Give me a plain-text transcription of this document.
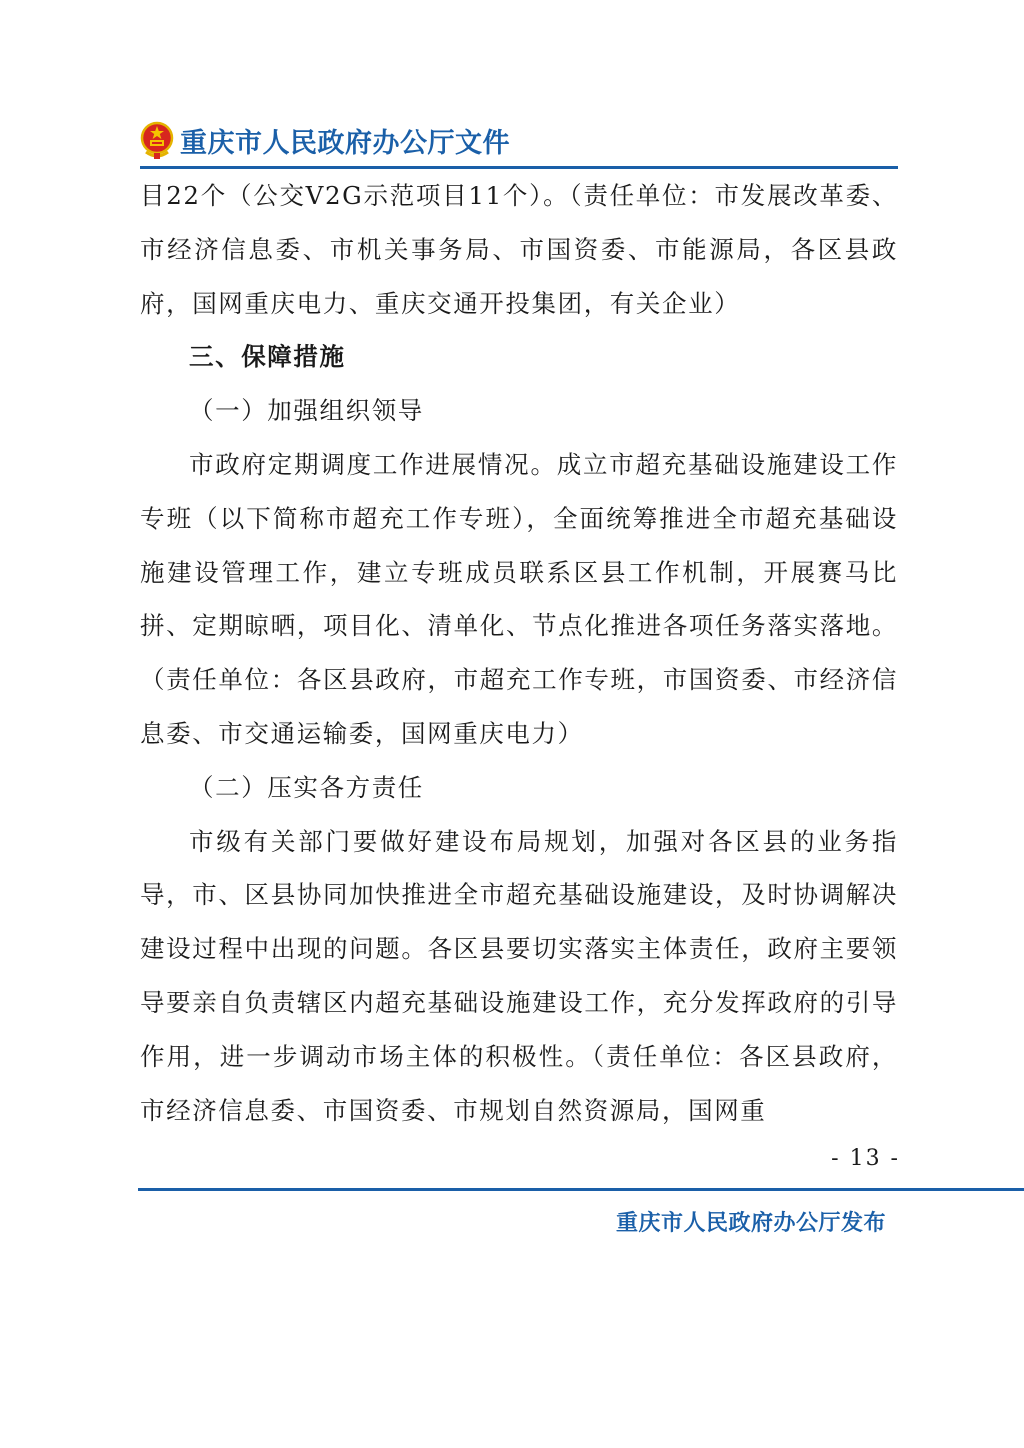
重庆市人民政府办公厅文件

目22个（公交V2G示范项目11个）。（责任单位：市发展改革委、市经济信息委、市机关事务局、市国资委、市能源局，各区县政府，国网重庆电力、重庆交通开投集团，有关企业）

三、保障措施

（一）加强组织领导

市政府定期调度工作进展情况。成立市超充基础设施建设工作专班（以下简称市超充工作专班），全面统筹推进全市超充基础设施建设管理工作，建立专班成员联系区县工作机制，开展赛马比拼、定期晾晒，项目化、清单化、节点化推进各项任务落实落地。（责任单位：各区县政府，市超充工作专班，市国资委、市经济信息委、市交通运输委，国网重庆电力）

（二）压实各方责任

市级有关部门要做好建设布局规划，加强对各区县的业务指导，市、区县协同加快推进全市超充基础设施建设，及时协调解决建设过程中出现的问题。各区县要切实落实主体责任，政府主要领导要亲自负责辖区内超充基础设施建设工作，充分发挥政府的引导作用，进一步调动市场主体的积极性。（责任单位：各区县政府，市经济信息委、市国资委、市规划自然资源局，国网重

- 13 -
重庆市人民政府办公厅发布
